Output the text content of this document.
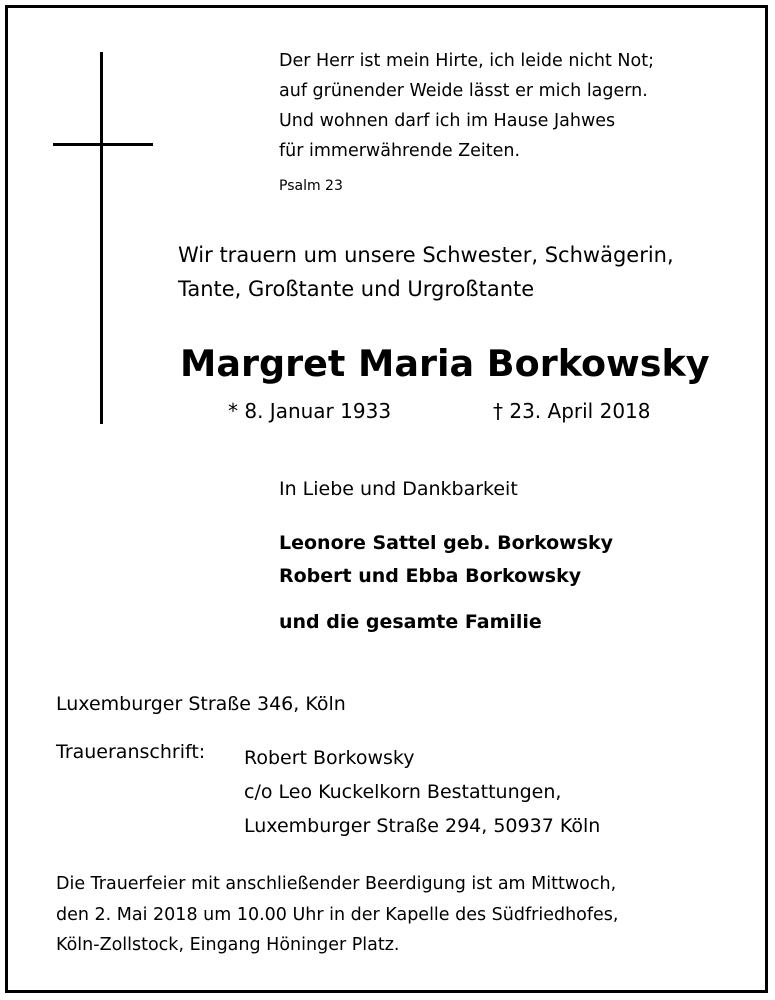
Der Herr ist mein Hirte, ich leide nicht Not;
auf grünender Weide lässt er mich lagern.
Und wohnen darf ich im Hause Jahwes
für immerwährende Zeiten.
Psalm 23
Wir trauern um unsere Schwester, Schwägerin,
Tante, Großtante und Urgroßtante
Margret Maria Borkowsky
* 8. Januar 1933	† 23. April 2018
In Liebe und Dankbarkeit
Leonore Sattel geb. Borkowsky
Robert und Ebba Borkowsky
und die gesamte Familie
Luxemburger Straße 346, Köln
Traueranschrift: Robert Borkowsky
c/o Leo Kuckelkorn Bestattungen,
Luxemburger Straße 294, 50937 Köln
Die Trauerfeier mit anschließender Beerdigung ist am Mittwoch,
den 2. Mai 2018 um 10.00 Uhr in der Kapelle des Südfriedhofes,
Köln-Zollstock, Eingang Höninger Platz.
